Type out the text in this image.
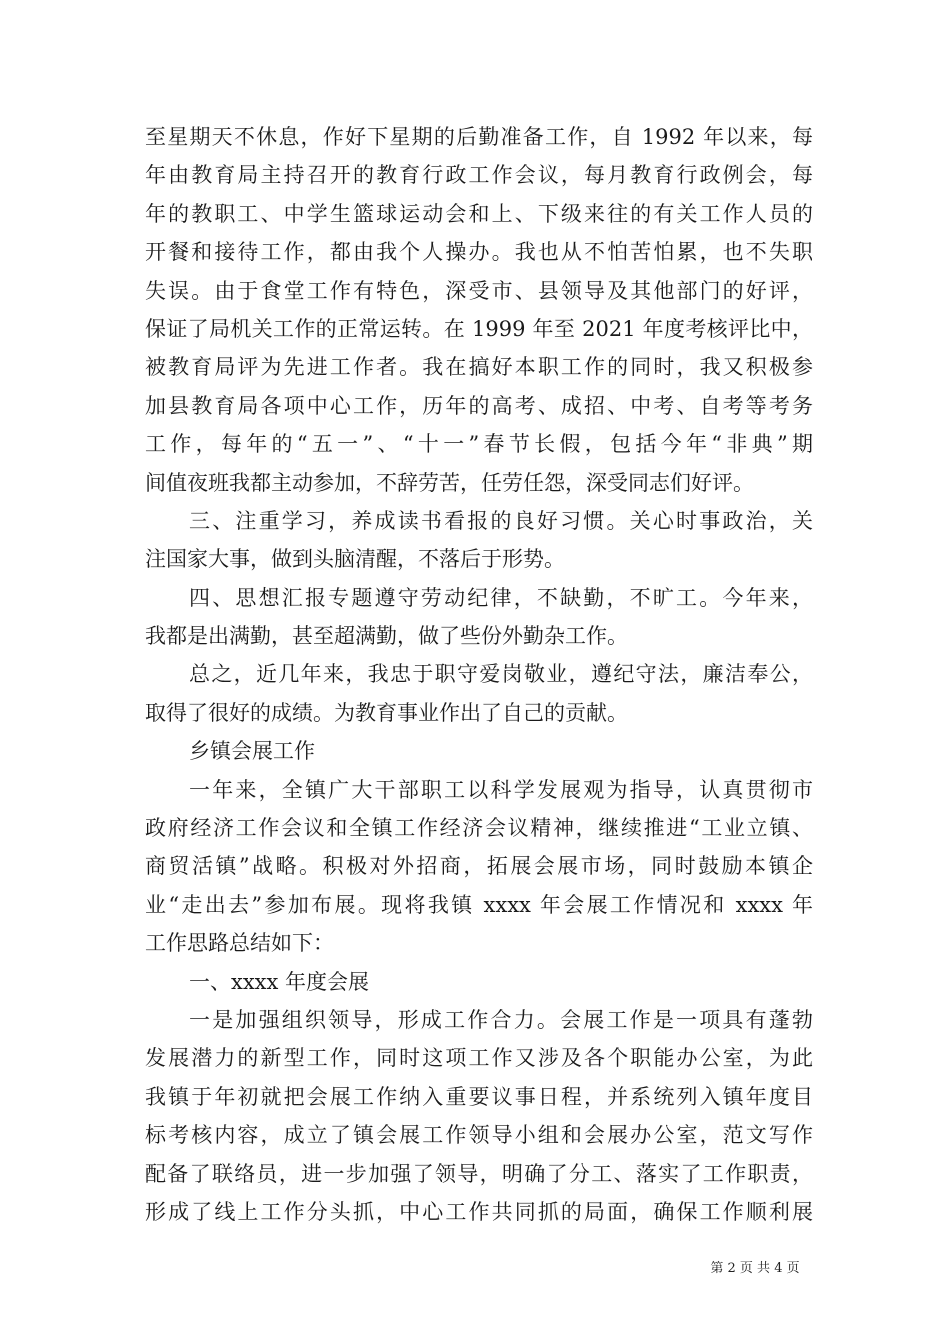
至星期天不休息，作好下星期的后勤准备工作，自 1992 年以来，每
年由教育局主持召开的教育行政工作会议，每月教育行政例会，每
年的教职工、中学生篮球运动会和上、下级来往的有关工作人员的
开餐和接待工作，都由我个人操办。我也从不怕苦怕累，也不失职
失误。由于食堂工作有特色，深受市、县领导及其他部门的好评，
保证了局机关工作的正常运转。在 1999 年至 2021 年度考核评比中，
被教育局评为先进工作者。我在搞好本职工作的同时，我又积极参
加县教育局各项中心工作，历年的高考、成招、中考、自考等考务
工作，每年的“五一”、“十一”春节长假，包括今年“非典”期
间值夜班我都主动参加，不辞劳苦，任劳任怨，深受同志们好评。
三、注重学习，养成读书看报的良好习惯。关心时事政治，关
注国家大事，做到头脑清醒，不落后于形势。
四、思想汇报专题遵守劳动纪律，不缺勤，不旷工。今年来，
我都是出满勤，甚至超满勤，做了些份外勤杂工作。
总之，近几年来，我忠于职守爱岗敬业，遵纪守法，廉洁奉公，
取得了很好的成绩。为教育事业作出了自己的贡献。
乡镇会展工作
一年来，全镇广大干部职工以科学发展观为指导，认真贯彻市
政府经济工作会议和全镇工作经济会议精神，继续推进“工业立镇、
商贸活镇”战略。积极对外招商，拓展会展市场，同时鼓励本镇企
业“走出去”参加布展。现将我镇 xxxx 年会展工作情况和 xxxx 年
工作思路总结如下：
一、xxxx 年度会展
一是加强组织领导，形成工作合力。会展工作是一项具有蓬勃
发展潜力的新型工作，同时这项工作又涉及各个职能办公室，为此
我镇于年初就把会展工作纳入重要议事日程，并系统列入镇年度目
标考核内容，成立了镇会展工作领导小组和会展办公室，范文写作
配备了联络员，进一步加强了领导，明确了分工、落实了工作职责，
形成了线上工作分头抓，中心工作共同抓的局面，确保工作顺利展
第 2 页 共 4 页
